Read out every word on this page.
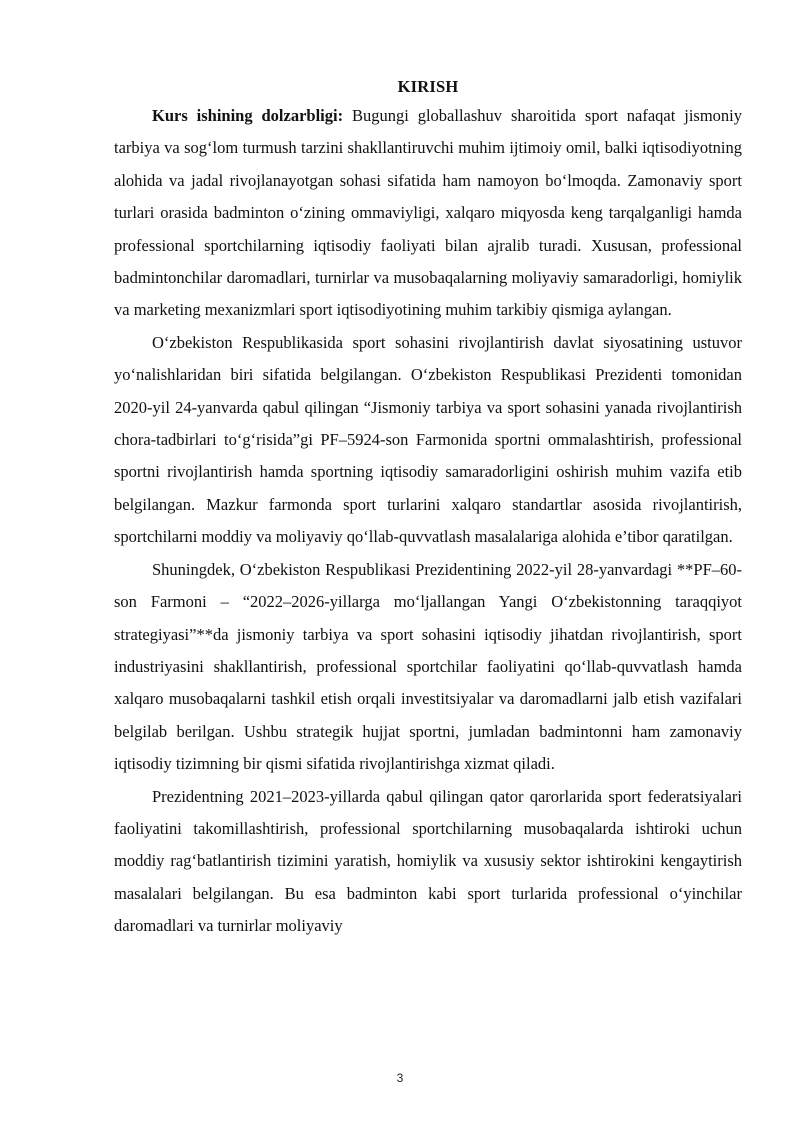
KIRISH

Kurs ishining dolzarbligi: Bugungi globallashuv sharoitida sport nafaqat jismoniy tarbiya va sog‘lom turmush tarzini shakllantiruvchi muhim ijtimoiy omil, balki iqtisodiyotning alohida va jadal rivojlanayotgan sohasi sifatida ham namoyon bo‘lmoqda. Zamonaviy sport turlari orasida badminton o‘zining ommaviyligi, xalqaro miqyosda keng tarqalganligi hamda professional sportchilarning iqtisodiy faoliyati bilan ajralib turadi. Xususan, professional badmintonchilar daromadlari, turnirlar va musobaqalarning moliyaviy samaradorligi, homiylik va marketing mexanizmlari sport iqtisodiyotining muhim tarkibiy qismiga aylangan.

O‘zbekiston Respublikasida sport sohasini rivojlantirish davlat siyosatining ustuvor yo‘nalishlaridan biri sifatida belgilangan. O‘zbekiston Respublikasi Prezidenti tomonidan 2020-yil 24-yanvarda qabul qilingan “Jismoniy tarbiya va sport sohasini yanada rivojlantirish chora-tadbirlari to‘g‘risida”gi PF–5924-son Farmonida sportni ommalashtirish, professional sportni rivojlantirish hamda sportning iqtisodiy samaradorligini oshirish muhim vazifa etib belgilangan. Mazkur farmonda sport turlarini xalqaro standartlar asosida rivojlantirish, sportchilarni moddiy va moliyaviy qo‘llab-quvvatlash masalalariga alohida e’tibor qaratilgan.

Shuningdek, O‘zbekiston Respublikasi Prezidentining 2022-yil 28-yanvardagi **PF–60-son Farmoni – “2022–2026-yillarga mo‘ljallangan Yangi O‘zbekistonning taraqqiyot strategiyasi”**da jismoniy tarbiya va sport sohasini iqtisodiy jihatdan rivojlantirish, sport industriyasini shakllantirish, professional sportchilar faoliyatini qo‘llab-quvvatlash hamda xalqaro musobaqalarni tashkil etish orqali investitsiyalar va daromadlarni jalb etish vazifalari belgilab berilgan. Ushbu strategik hujjat sportni, jumladan badmintonni ham zamonaviy iqtisodiy tizimning bir qismi sifatida rivojlantirishga xizmat qiladi.

Prezidentning 2021–2023-yillarda qabul qilingan qator qarorlarida sport federatsiyalari faoliyatini takomillashtirish, professional sportchilarning musobaqalarda ishtiroki uchun moddiy rag‘batlantirish tizimini yaratish, homiylik va xususiy sektor ishtirokini kengaytirish masalalari belgilangan. Bu esa badminton kabi sport turlarida professional o‘yinchilar daromadlari va turnirlar moliyaviy

3
